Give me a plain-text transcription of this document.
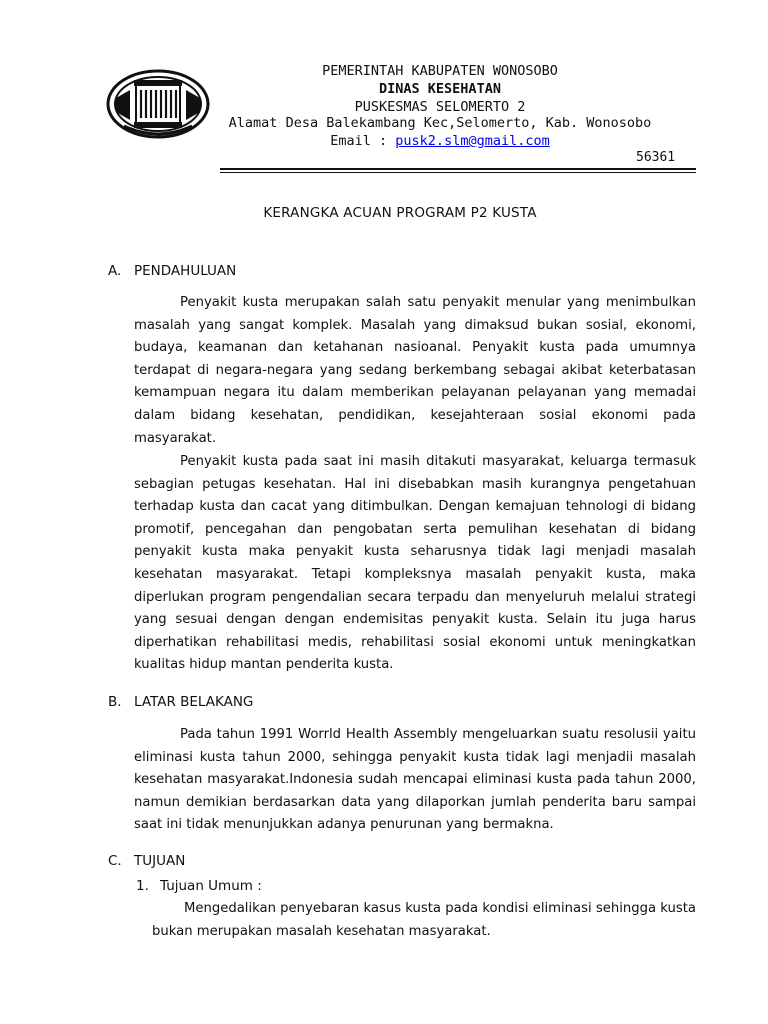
PEMERINTAH KABUPATEN WONOSOBO
DINAS KESEHATAN
PUSKESMAS SELOMERTO 2
Alamat Desa Balekambang Kec,Selomerto, Kab. Wonosobo
Email : pusk2.slm@gmail.com
56361
KERANGKA ACUAN PROGRAM P2 KUSTA
A. PENDAHULUAN
Penyakit kusta merupakan salah satu penyakit menular yang menimbulkan masalah yang sangat komplek. Masalah yang dimaksud bukan sosial, ekonomi, budaya, keamanan dan ketahanan nasioanal. Penyakit kusta pada umumnya terdapat di negara-negara yang sedang berkembang sebagai akibat keterbatasan kemampuan negara itu dalam memberikan pelayanan pelayanan yang memadai dalam bidang kesehatan, pendidikan, kesejahteraan sosial ekonomi pada masyarakat.
Penyakit kusta pada saat ini masih ditakuti masyarakat, keluarga termasuk sebagian petugas kesehatan. Hal ini disebabkan masih kurangnya pengetahuan terhadap kusta dan cacat yang ditimbulkan. Dengan kemajuan tehnologi di bidang promotif, pencegahan dan pengobatan serta pemulihan kesehatan di bidang penyakit kusta maka penyakit kusta seharusnya tidak lagi menjadi masalah kesehatan masyarakat. Tetapi kompleksnya masalah penyakit kusta, maka diperlukan program pengendalian secara terpadu dan menyeluruh melalui strategi yang sesuai dengan dengan endemisitas penyakit kusta. Selain itu juga harus diperhatikan rehabilitasi medis, rehabilitasi sosial ekonomi untuk meningkatkan kualitas hidup mantan penderita kusta.
B. LATAR BELAKANG
Pada tahun 1991 Worrld Health Assembly mengeluarkan suatu resolusii yaitu eliminasi kusta tahun 2000, sehingga penyakit kusta tidak lagi menjadii masalah kesehatan masyarakat.Indonesia sudah mencapai eliminasi kusta pada tahun 2000, namun demikian berdasarkan data yang dilaporkan jumlah penderita baru sampai saat ini tidak menunjukkan adanya penurunan yang bermakna.
C. TUJUAN
1. Tujuan Umum :
Mengedalikan penyebaran kasus kusta pada kondisi eliminasi sehingga kusta bukan merupakan masalah kesehatan masyarakat.
